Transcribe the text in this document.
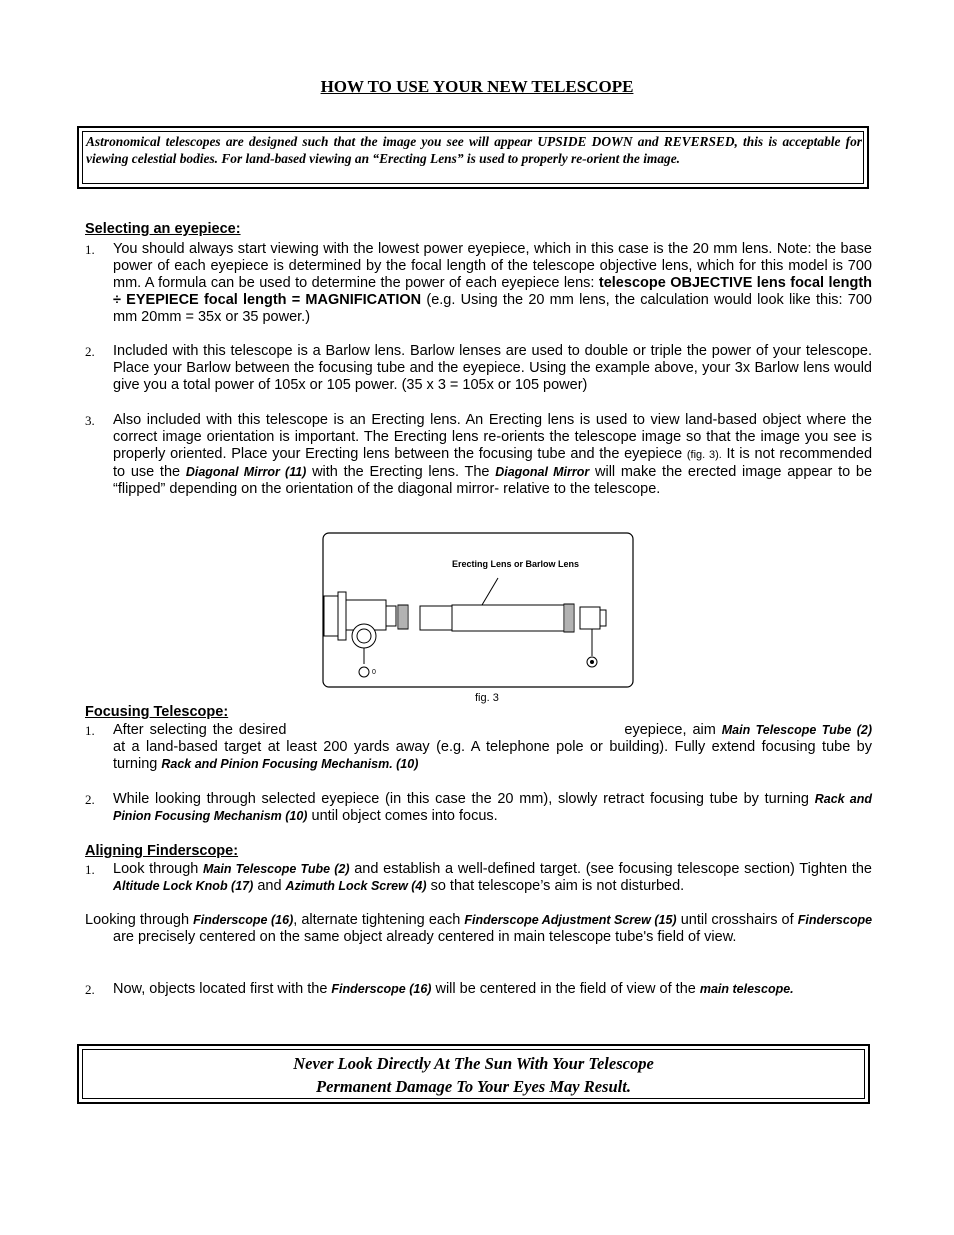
HOW TO USE YOUR NEW TELESCOPE
Astronomical telescopes are designed such that the image you see will appear UPSIDE DOWN and REVERSED, this is acceptable for viewing celestial bodies. For land-based viewing an “Erecting Lens” is used to properly re-orient the image.
Selecting an eyepiece:
1. You should always start viewing with the lowest power eyepiece, which in this case is the 20 mm lens. Note: the base power of each eyepiece is determined by the focal length of the telescope objective lens, which for this model is 700 mm. A formula can be used to determine the power of each eyepiece lens: telescope OBJECTIVE lens focal length ÷ EYEPIECE focal length = MAGNIFICATION (e.g. Using the 20 mm lens, the calculation would look like this: 700 mm 20mm = 35x or 35 power.)
2. Included with this telescope is a Barlow lens. Barlow lenses are used to double or triple the power of your telescope. Place your Barlow between the focusing tube and the eyepiece. Using the example above, your 3x Barlow lens would give you a total power of 105x or 105 power. (35 x 3 = 105x or 105 power)
3. Also included with this telescope is an Erecting lens. An Erecting lens is used to view land-based object where the correct image orientation is important. The Erecting lens re-orients the telescope image so that the image you see is properly oriented. Place your Erecting lens between the focusing tube and the eyepiece (fig. 3). It is not recommended to use the Diagonal Mirror (11) with the Erecting lens. The Diagonal Mirror will make the erected image appear to be “flipped” depending on the orientation of the diagonal mirror- relative to the telescope.
0
Erecting Lens or Barlow Lens
fig. 3
Focusing Telescope:
1. After selecting the desired	eyepiece, aim Main Telescope Tube (2) at a land-based target at least 200 yards away (e.g. A telephone pole or building). Fully extend focusing tube by turning Rack and Pinion Focusing Mechanism. (10)
2. While looking through selected eyepiece (in this case the 20 mm), slowly retract focusing tube by turning Rack and Pinion Focusing Mechanism (10) until object comes into focus.
Aligning Finderscope:
1. Look through Main Telescope Tube (2) and establish a well-defined target. (see focusing telescope section) Tighten the Altitude Lock Knob (17) and Azimuth Lock Screw (4) so that telescope’s aim is not disturbed.
Looking through Finderscope (16), alternate tightening each Finderscope Adjustment Screw (15) until crosshairs of Finderscope are precisely centered on the same object already centered in main telescope tube's field of view.
2. Now, objects located first with the Finderscope (16) will be centered in the field of view of the main telescope.
Never Look Directly At The Sun With Your Telescope
Permanent Damage To Your Eyes May Result.
